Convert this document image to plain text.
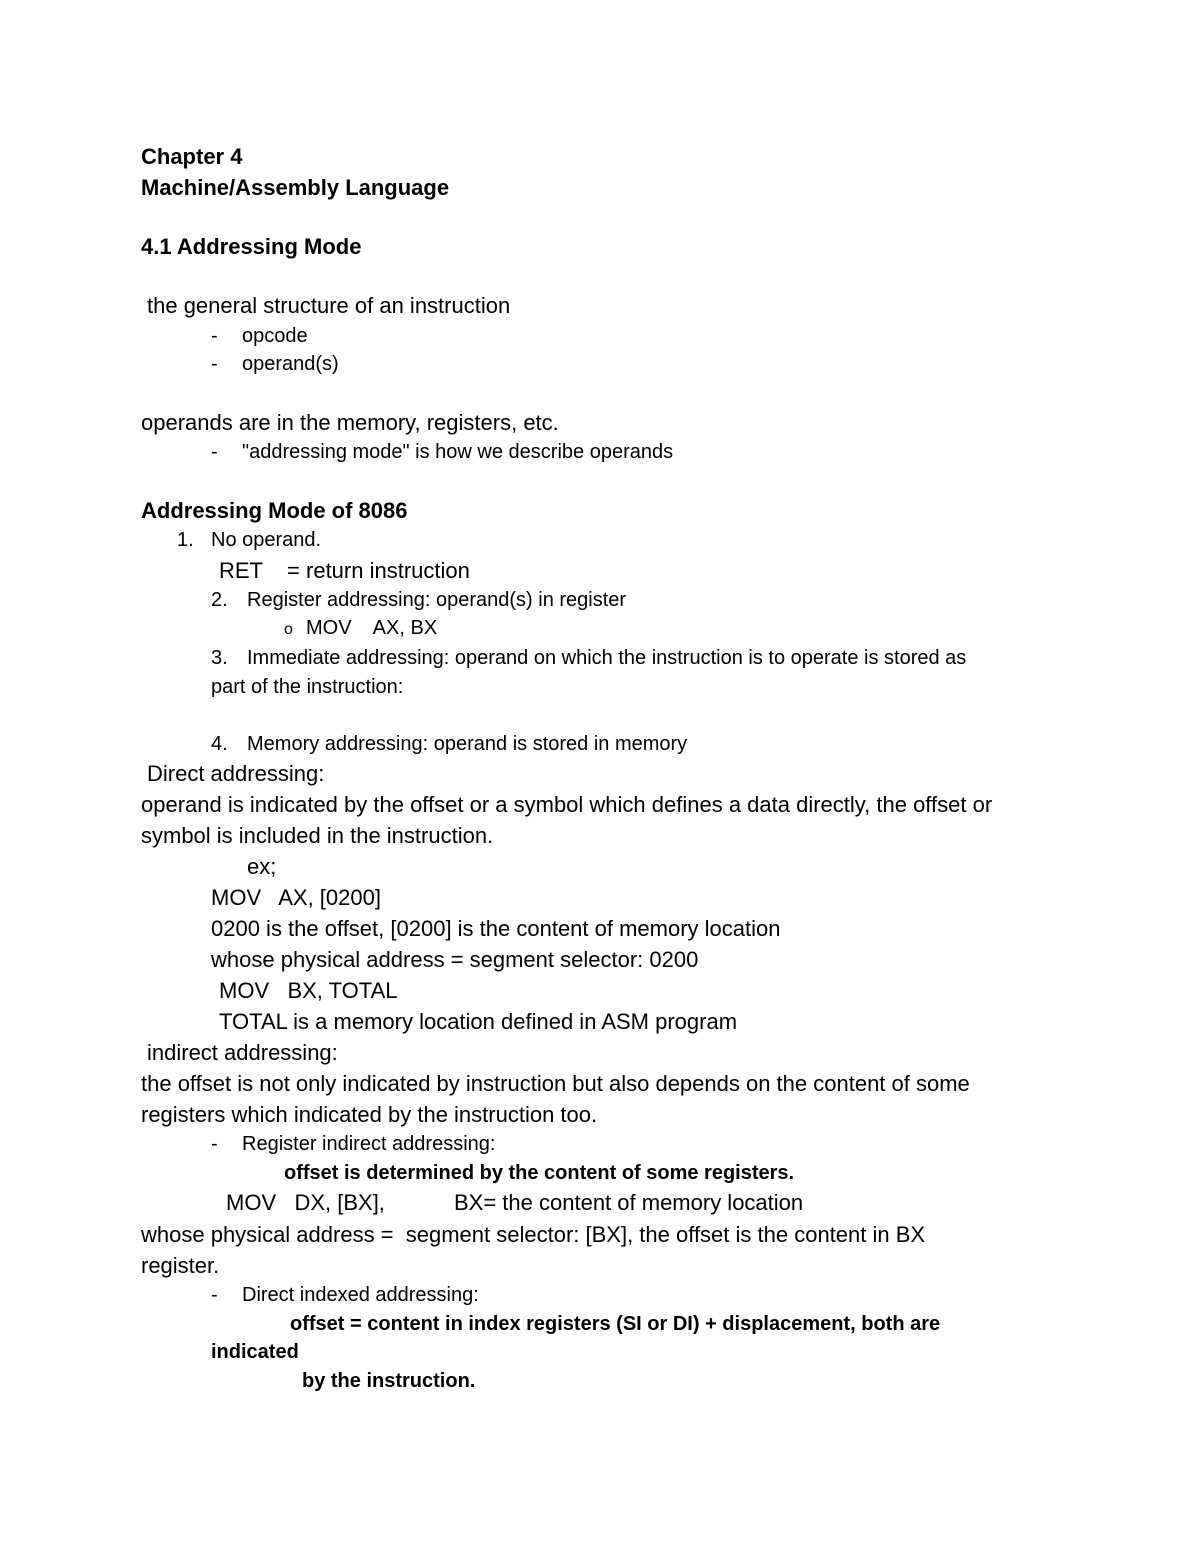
Chapter 4
Machine/Assembly Language
4.1 Addressing Mode
the general structure of an instruction
- opcode
- operand(s)
operands are in the memory, registers, etc.
- "addressing mode" is how we describe operands
Addressing Mode of 8086
1. No operand.
RET    = return instruction
2. Register addressing: operand(s) in register
o MOV    AX, BX
3. Immediate addressing: operand on which the instruction is to operate is stored as
part of the instruction:
4. Memory addressing: operand is stored in memory
Direct addressing:
operand is indicated by the offset or a symbol which defines a data directly, the offset or
symbol is included in the instruction.
ex;
MOV   AX, [0200]
0200 is the offset, [0200] is the content of memory location
whose physical address = segment selector: 0200
MOV   BX, TOTAL
TOTAL is a memory location defined in ASM program
indirect addressing:
the offset is not only indicated by instruction but also depends on the content of some
registers which indicated by the instruction too.
- Register indirect addressing:
offset is determined by the content of some registers.
MOV   DX, [BX],	BX= the content of memory location
whose physical address =  segment selector: [BX], the offset is the content in BX
register.
- Direct indexed addressing:
offset = content in index registers (SI or DI) + displacement, both are
indicated
by the instruction.
